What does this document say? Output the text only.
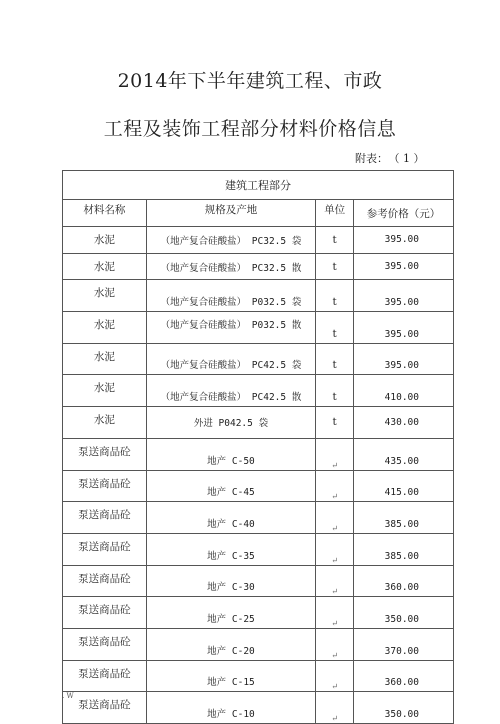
2014年下半年建筑工程、市政
工程及装饰工程部分材料价格信息
附表： （ 1 ）
建筑工程部分			
材料名称	规格及产地	单位	参考价格（元）
水泥	（地产复合硅酸盐） PC32.5 袋	t	395.00
水泥	（地产复合硅酸盐） PC32.5 散	t	395.00
水泥	（地产复合硅酸盐） P032.5 袋	t	395.00
水泥	（地产复合硅酸盐） P032.5 散	t	395.00
水泥	（地产复合硅酸盐） PC42.5 袋	t	395.00
水泥	（地产复合硅酸盐） PC42.5 散	t	410.00
水泥	外进 P042.5 袋	t	430.00
泵送商品砼	地产 C-50	↵	435.00
泵送商品砼	地产 C-45	↵	415.00
泵送商品砼	地产 C-40	↵	385.00
泵送商品砼	地产 C-35	↵	385.00
泵送商品砼	地产 C-30	↵	360.00
泵送商品砼	地产 C-25	↵	350.00
泵送商品砼	地产 C-20	↵	370.00
泵送商品砼	地产 C-15	↵	360.00
泵送商品砼	地产 C-10	↵	350.00
. W
